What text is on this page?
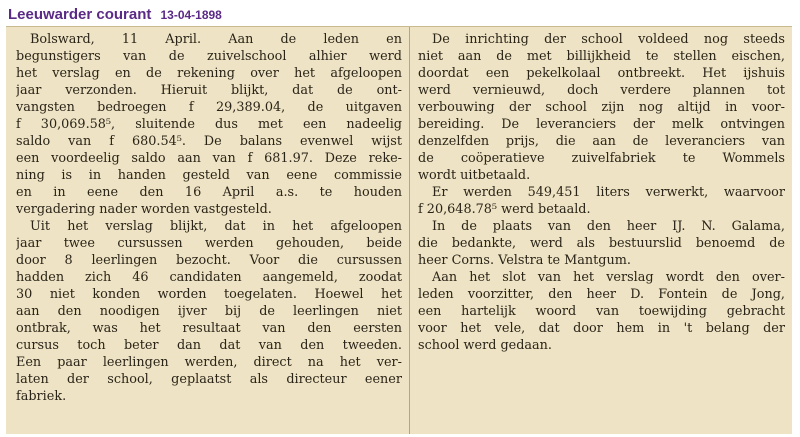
Leeuwarder courant 13-04-1898
Bolsward, 11 April. Aan de leden en
begunstigers van de zuivelschool alhier werd
het verslag en de rekening over het afgeloopen
jaar verzonden. Hieruit blijkt, dat de ont-
vangsten bedroegen f 29,389.04, de uitgaven
f 30,069.58⁵, sluitende dus met een nadeelig
saldo van f 680.54⁵. De balans evenwel wijst
een voordeelig saldo aan van f 681.97. Deze reke-
ning is in handen gesteld van eene commissie
en in eene den 16 April a.s. te houden
vergadering nader worden vastgesteld.
Uit het verslag blijkt, dat in het afgeloopen
jaar twee cursussen werden gehouden, beide
door 8 leerlingen bezocht. Voor die cursussen
hadden zich 46 candidaten aangemeld, zoodat
30 niet konden worden toegelaten. Hoewel het
aan den noodigen ijver bij de leerlingen niet
ontbrak, was het resultaat van den eersten
cursus toch beter dan dat van den tweeden.
Een paar leerlingen werden, direct na het ver-
laten der school, geplaatst als directeur eener
fabriek.
De inrichting der school voldeed nog steeds
niet aan de met billijkheid te stellen eischen,
doordat een pekelkolaal ontbreekt. Het ijshuis
werd vernieuwd, doch verdere plannen tot
verbouwing der school zijn nog altijd in voor-
bereiding. De leveranciers der melk ontvingen
denzelfden prijs, die aan de leveranciers van
de coöperatieve zuivelfabriek te Wommels
wordt uitbetaald.
Er werden 549,451 liters verwerkt, waarvoor
f 20,648.78⁵ werd betaald.
In de plaats van den heer IJ. N. Galama,
die bedankte, werd als bestuurslid benoemd de
heer Corns. Velstra te Mantgum.
Aan het slot van het verslag wordt den over-
leden voorzitter, den heer D. Fontein de Jong,
een hartelijk woord van toewijding gebracht
voor het vele, dat door hem in 't belang der
school werd gedaan.
